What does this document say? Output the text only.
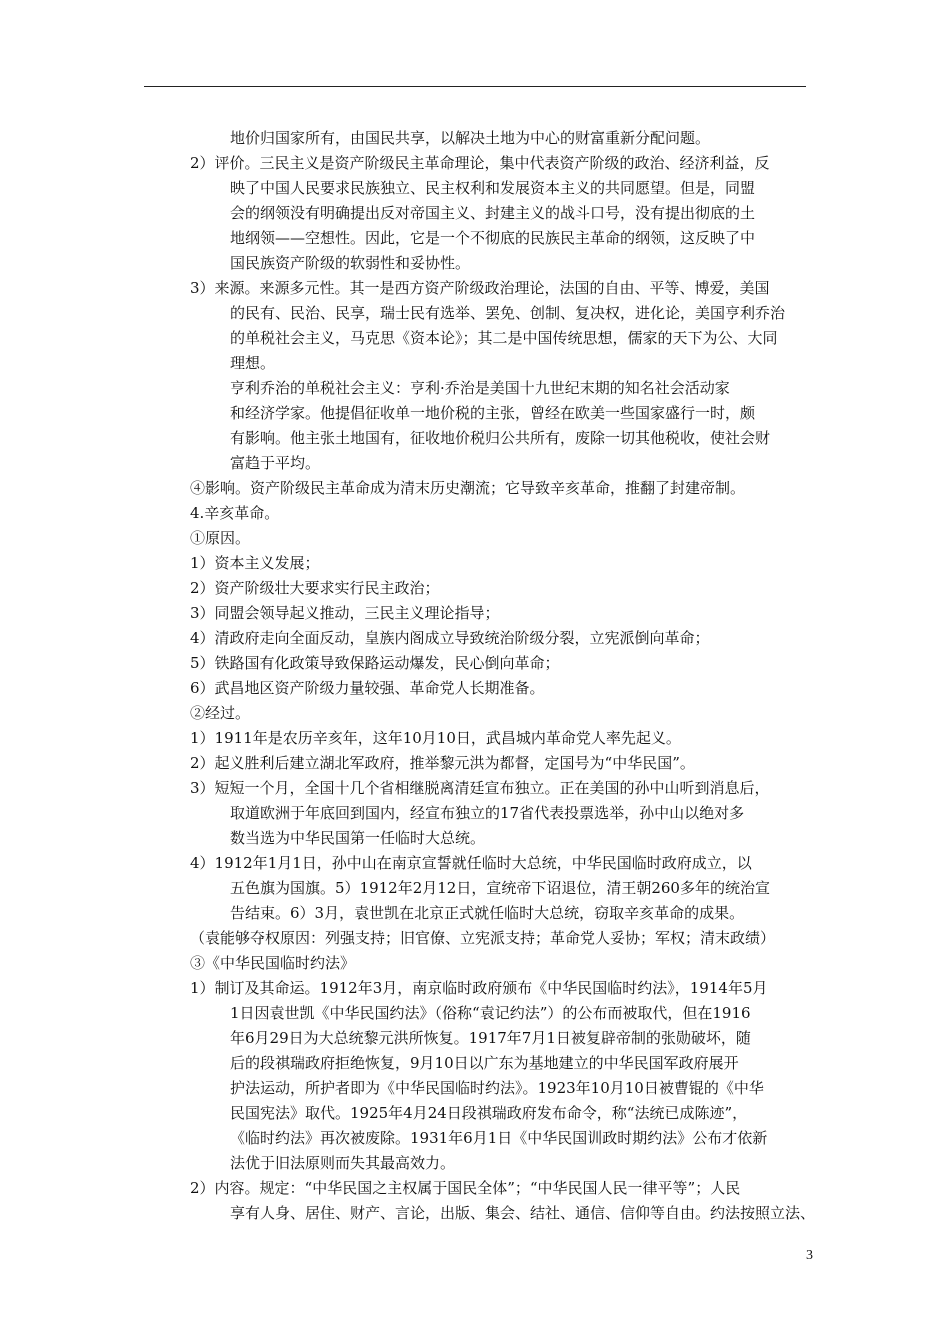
地价归国家所有，由国民共享，以解决土地为中心的财富重新分配问题。

2）评价。三民主义是资产阶级民主革命理论，集中代表资产阶级的政治、经济利益，反

映了中国人民要求民族独立、民主权利和发展资本主义的共同愿望。但是，同盟

会的纲领没有明确提出反对帝国主义、封建主义的战斗口号，没有提出彻底的土

地纲领——空想性。因此，它是一个不彻底的民族民主革命的纲领，这反映了中

国民族资产阶级的软弱性和妥协性。

3）来源。来源多元性。其一是西方资产阶级政治理论，法国的自由、平等、博爱，美国

的民有、民治、民享，瑞士民有选举、罢免、创制、复决权，进化论，美国亨利乔治

的单税社会主义，马克思《资本论》；其二是中国传统思想，儒家的天下为公、大同

理想。

亨利乔治的单税社会主义：亨利·乔治是美国十九世纪末期的知名社会活动家

和经济学家。他提倡征收单一地价税的主张，曾经在欧美一些国家盛行一时，颇

有影响。他主张土地国有，征收地价税归公共所有，废除一切其他税收，使社会财

富趋于平均。

④影响。资产阶级民主革命成为清末历史潮流；它导致辛亥革命，推翻了封建帝制。

4.辛亥革命。

①原因。

1）资本主义发展；

2）资产阶级壮大要求实行民主政治；

3）同盟会领导起义推动，三民主义理论指导；

4）清政府走向全面反动，皇族内阁成立导致统治阶级分裂，立宪派倒向革命；

5）铁路国有化政策导致保路运动爆发，民心倒向革命；

6）武昌地区资产阶级力量较强、革命党人长期准备。

②经过。

1）1911年是农历辛亥年，这年10月10日，武昌城内革命党人率先起义。

2）起义胜利后建立湖北军政府，推举黎元洪为都督，定国号为“中华民国”。

3）短短一个月，全国十几个省相继脱离清廷宣布独立。正在美国的孙中山听到消息后，

取道欧洲于年底回到国内，经宣布独立的17省代表投票选举，孙中山以绝对多

数当选为中华民国第一任临时大总统。

4）1912年1月1日，孙中山在南京宣誓就任临时大总统，中华民国临时政府成立，以

五色旗为国旗。5）1912年2月12日，宣统帝下诏退位，清王朝260多年的统治宣

告结束。6）3月，袁世凯在北京正式就任临时大总统，窃取辛亥革命的成果。

（袁能够夺权原因：列强支持；旧官僚、立宪派支持；革命党人妥协；军权；清末政绩）

③《中华民国临时约法》

1）制订及其命运。1912年3月，南京临时政府颁布《中华民国临时约法》，1914年5月

1日因袁世凯《中华民国约法》（俗称“袁记约法”）的公布而被取代，但在1916

年6月29日为大总统黎元洪所恢复。1917年7月1日被复辟帝制的张勋破坏，随

后的段祺瑞政府拒绝恢复，9月10日以广东为基地建立的中华民国军政府展开

护法运动，所护者即为《中华民国临时约法》。1923年10月10日被曹锟的《中华

民国宪法》取代。1925年4月24日段祺瑞政府发布命令，称“法统已成陈迹”，

《临时约法》再次被废除。1931年6月1日《中华民国训政时期约法》公布才依新

法优于旧法原则而失其最高效力。

2）内容。规定：“中华民国之主权属于国民全体”；“中华民国人民一律平等”；人民

享有人身、居住、财产、言论，出版、集会、结社、通信、信仰等自由。约法按照立法、

3
